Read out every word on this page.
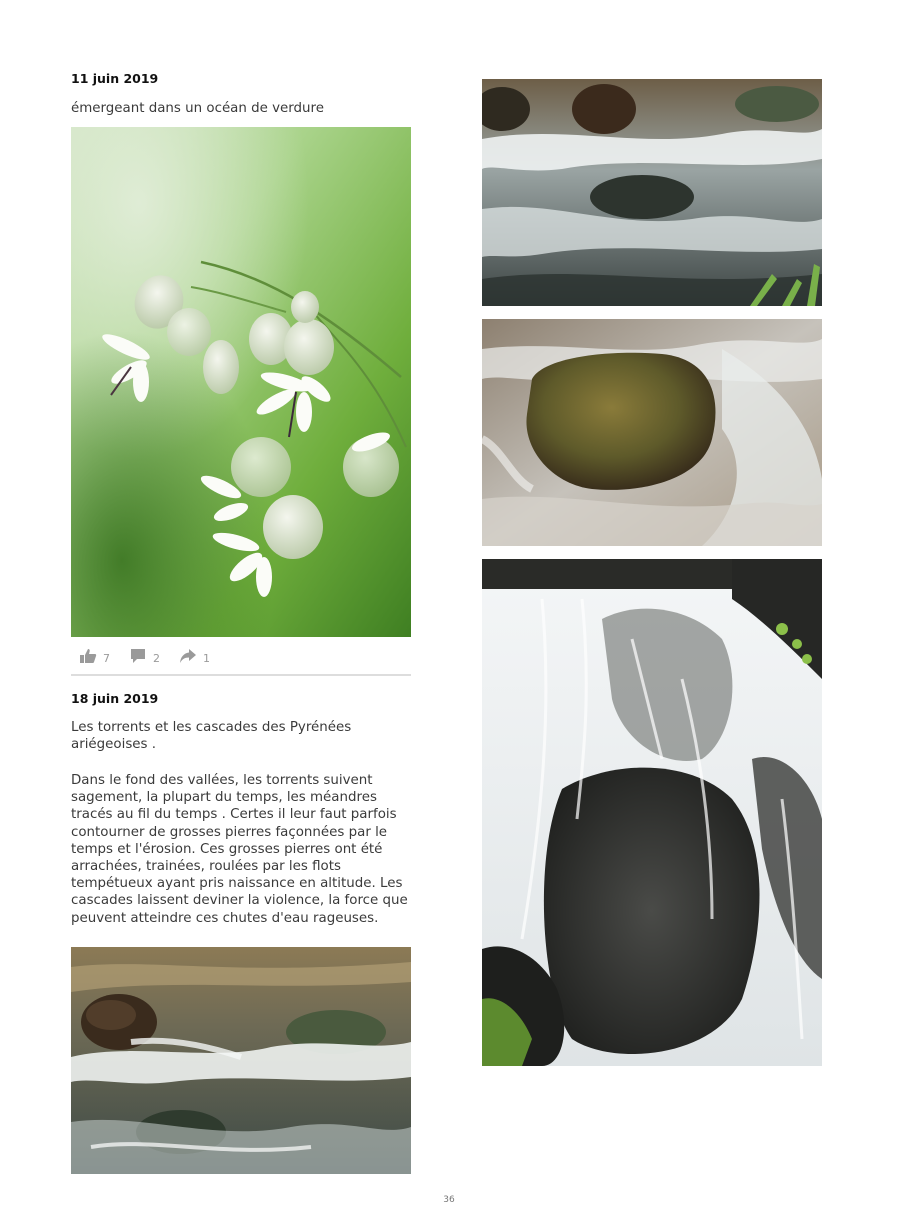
11 juin 2019
émergeant dans un océan de verdure
7	2	1
18 juin 2019
Les torrents et les cascades des Pyrénées ariégeoises .
Dans le fond des vallées, les torrents suivent sagement, la plupart du temps, les méandres tracés au fil du temps . Certes il leur faut parfois contourner de grosses pierres façonnées par le temps et l'érosion. Ces grosses pierres ont été arrachées, trainées, roulées par les flots tempétueux ayant pris naissance en altitude. Les cascades laissent deviner la violence, la force que peuvent atteindre ces chutes d'eau rageuses.
36
